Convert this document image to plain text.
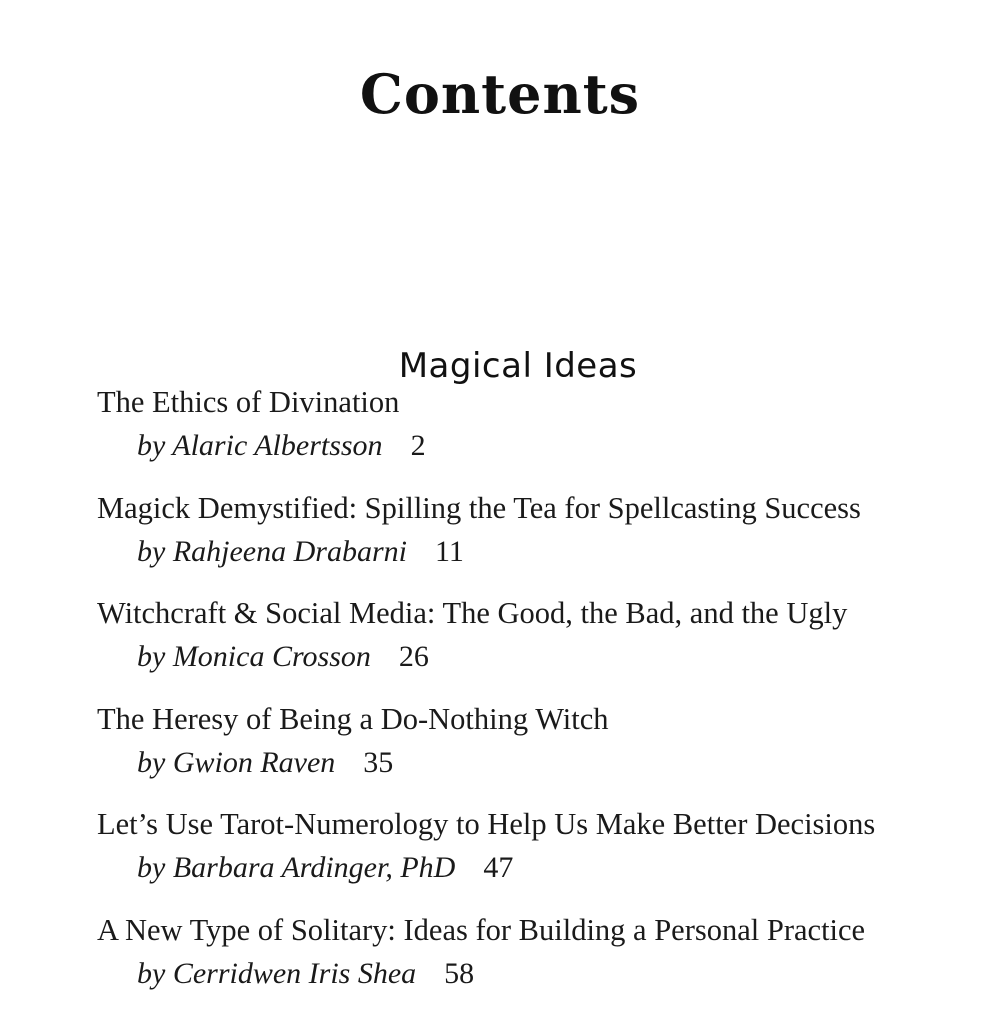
Contents
Magical Ideas
The Ethics of Divination
by Alaric Albertsson 2
Magick Demystified: Spilling the Tea for Spellcasting Success
by Rahjeena Drabarni 11
Witchcraft & Social Media: The Good, the Bad, and the Ugly
by Monica Crosson 26
The Heresy of Being a Do-Nothing Witch
by Gwion Raven 35
Let’s Use Tarot-Numerology to Help Us Make Better Decisions
by Barbara Ardinger, PhD 47
A New Type of Solitary: Ideas for Building a Personal Practice
by Cerridwen Iris Shea 58
